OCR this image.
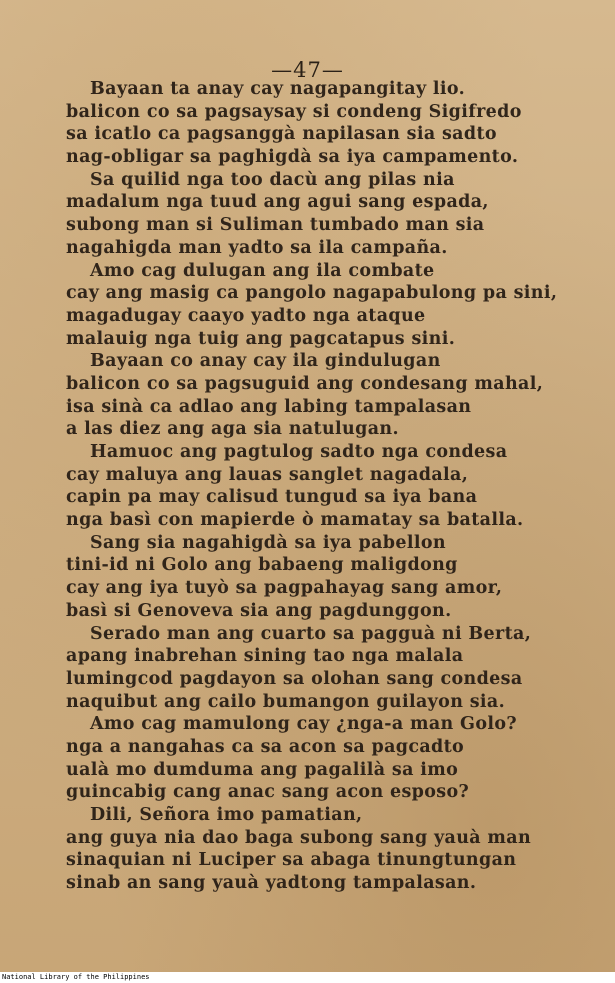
—47—
Bayaan ta anay cay nagapangitay lio.
balicon co sa pagsaysay si condeng Sigifredo
sa icatlo ca pagsanggà napilasan sia sadto
nag-obligar sa paghigdà sa iya campamento.
Sa quilid nga too dacù ang pilas nia
madalum nga tuud ang agui sang espada,
subong man si Suliman tumbado man sia
nagahigda man yadto sa ila campaña.
Amo cag dulugan ang ila combate
cay ang masig ca pangolo nagapabulong pa sini,
magadugay caayo yadto nga ataque
malauig nga tuig ang pagcatapus sini.
Bayaan co anay cay ila gindulugan
balicon co sa pagsuguid ang condesang mahal,
isa sinà ca adlao ang labing tampalasan
a las diez ang aga sia natulugan.
Hamuoc ang pagtulog sadto nga condesa
cay maluya ang lauas sanglet nagadala,
capin pa may calisud tungud sa iya bana
nga basì con mapierde ò mamatay sa batalla.
Sang sia nagahigdà sa iya pabellon
tini-id ni Golo ang babaeng maligdong
cay ang iya tuyò sa pagpahayag sang amor,
basì si Genoveva sia ang pagdunggon.
Serado man ang cuarto sa pagguà ni Berta,
apang inabrehan sining tao nga malala
lumingcod pagdayon sa olohan sang condesa
naquibut ang cailo bumangon guilayon sia.
Amo cag mamulong cay ¿nga-a man Golo?
nga a nangahas ca sa acon sa pagcadto
ualà mo dumduma ang pagalilà sa imo
guincabig cang anac sang acon esposo?
Dili, Señora imo pamatian,
ang guya nia dao baga subong sang yauà man
sinaquian ni Luciper sa abaga tinungtungan
sinab an sang yauà yadtong tampalasan.
National Library of the Philippines
